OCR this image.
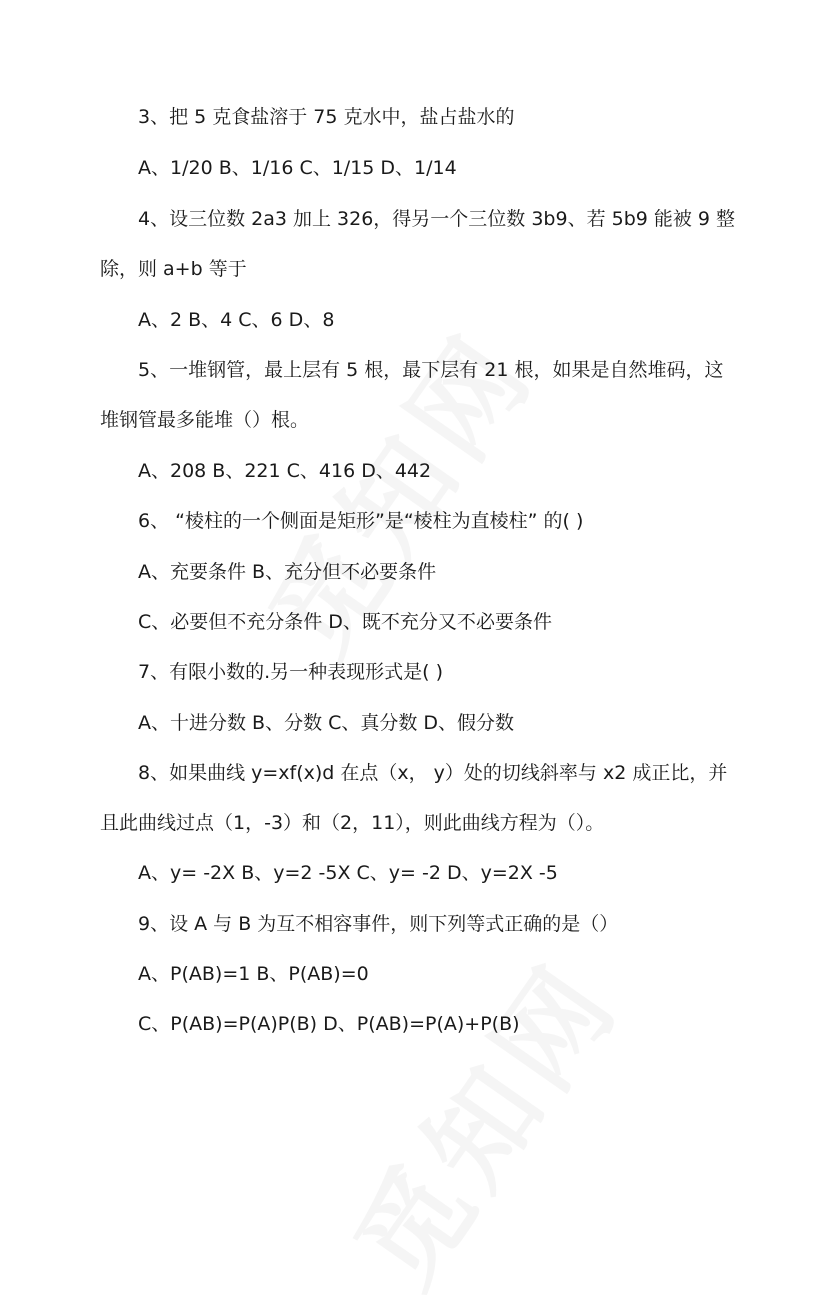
3、把 5 克食盐溶于 75 克水中，盐占盐水的
A、1/20 B、1/16 C、1/15 D、1/14
4、设三位数 2a3 加上 326，得另一个三位数 3b9、若 5b9 能被 9 整
除，则 a+b 等于
A、2 B、4 C、6 D、8
5、一堆钢管，最上层有 5 根，最下层有 21 根，如果是自然堆码，这
堆钢管最多能堆（）根。
A、208 B、221 C、416 D、442
6、 “棱柱的一个侧面是矩形”是“棱柱为直棱柱” 的( )
A、充要条件 B、充分但不必要条件
C、必要但不充分条件 D、既不充分又不必要条件
7、有限小数的.另一种表现形式是( )
A、十进分数 B、分数 C、真分数 D、假分数
8、如果曲线 y=xf(x)d 在点（x， y）处的切线斜率与 x2 成正比，并
且此曲线过点（1，-3）和（2，11），则此曲线方程为（）。
A、y= -2X B、y=2 -5X C、y= -2 D、y=2X -5
9、设 A 与 B 为互不相容事件，则下列等式正确的是（）
A、P(AB)=1 B、P(AB)=0
C、P(AB)=P(A)P(B) D、P(AB)=P(A)+P(B)
